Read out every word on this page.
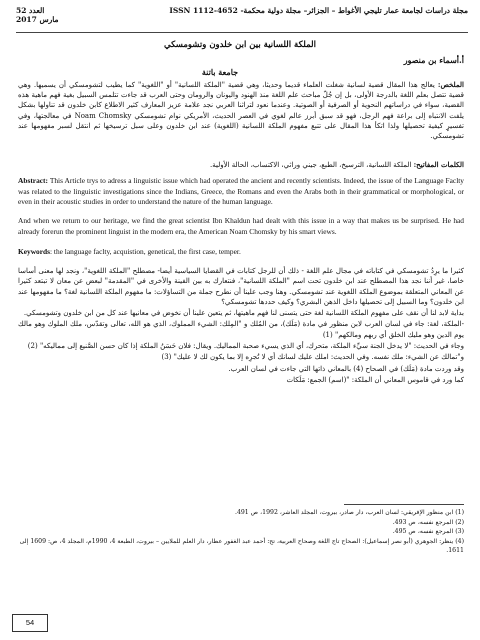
العدد 52
مارس 2017
مجلة دراسات لجامعة عمار تليجي الأغواط – الجزائر– مجلة دولية محكمة- ISSN 1112-4652
الملكة اللسانية بين ابن خلدون وتشومسكي
أ.أسماء بن منصور
جامعة باتنة
الملخص: يعالج هذا المقال قضية لسانية شغلت العلماء قديما وحديثا، وهي قضية "الملكة اللسانية" أو "اللغوية" كما يطيب لتشومسكي أن يسميها. وهي قضية تتصل بعلم اللغة بالدرجة الأولى، بل إن جُلّ مباحث علم اللغة منذ الهنود واليونان والرومان وحتى العرب قد جاءت تتلمس السبيل بغية فهم ماهية هذه القضية، سواء في دراساتهم النحوية أو الصرفية أو الصوتية. وعندما نعود لتراثنا العربي نجد علامة عزيز المعارف كثير الاطلاع كابن خلدون قد تناولها بشكل يلفت الانتباه إلى براعة فهم الرجل، فهو قد سبق أبرز عالم لغوي في العصر الحديث، الأمريكي نوام تشومسكي Noam Chomsky في معالجتها، وفي تفسيرٍ كيفية تحصيلها ولذا اتكأ هذا المقال على تتبع مفهوم الملكة اللسانية (اللغوية) عند ابن خلدون وعلى سبل ترسيخها ثم انتقل لسبر مفهومها عند تشومسكي.
الكلمات المفاتيح: الملكة اللسانية، الترسيخ، الطبع، جيني وراثي، الاكتساب، الحالة الأولية.
Abstract: This Article trys to adress a linguistic issue which had operated the ancient and recently scientists. Indeed, the issue of the Language Faclty was related to the linguistic investigations since the Indians, Greece, the Romans and even the Arabs both in their grammatical or morphological, or even in their acoustic studies in order to understand the nature of the human language.
And when we return to our heritage, we find the great scientist Ibn Khaldun had dealt with this issue in a way that makes us be surprised. He had already forerun the prominent linguist in the modern era, the American Noam Chomsky by his smart views.
Keywords: the language faclty, acquistion, genetical, the first case, temper.

كثيرا ما يرِدُ تشومسكي في كتاباته في مجال علم اللغة - ذلك أن للرجل كتابات في القضايا السياسية أيضا- مصطلح "الملكة اللغوية"، ونجد لها معنى أساسا خاصا، غير أننا نجد هذا المصطلح عند ابن خلدون تحت اسم "الملكة اللسانية"، فنتعارك به بين الفينة والأخرى في "المقدمة" لبعض عن معان لا تبتعد كثيرا عن المعاني المتعلقة بموضوع الملكة اللغوية عند تشومسكي. وهنا وجب علينا أن نطرح جملة من التساؤلات: ما مفهوم الملكة اللسانية لغة؟ ما مفهومها عند ابن خلدون؟ وما السبيل إلى تحصيلها داخل الذهن البشري؟ وكيف حددها تشومسكي؟

بداية لابد لنا أن نقف على مفهوم الملكة اللسانية لغة حتى يتسنى لنا فهم ماهيتها، ثم يتعين علينا أن نخوض في معانيها عند كل من ابن خلدون وتشومسكي.

-الملكة، لغة: جاء في لسان العرب لابن منظور في مادة (مَلَك)، من المُلك و "المِلك: الشيء المملوك، الذي هو الله، تعالى وتقدّس، ملك الملوك وهو مالك يوم الدين وهو مليك الخلق أي ربهم ومالكهم" (1)

وجاء في الحديث: "لا يدخل الجنة سيِّء الملكة، متحرك، أي الذي يسيء صحبة المماليك. ويقال: فلان حَسَنُ الملكة إذا كان حسن الصَّنيع إلى مماليكه" (2)

و"تمالك عن الشيء: ملك نفسه. وفي الحديث: املك عليك لسانك أي لا تُجرِه إلا بما يكون لك لا عليك" (3)

وقد وردت مادة (مَلَك) في الصحاح (4) بالمعاني ذاتها التي جاءت في لسان العرب.

كما ورد في قاموس المعاني أن الملكة: "(اسم) الجمع: مَلَكات

(1) ابن منظور الإفريقي: لسان العرب، دار صادر، بيروت، المجلد العاشر، 1992، ص 491.
(2) المرجع نفسه، ص 493.
(3) المرجع نفسه، ص 495.
(4) ينظر: الجوهري (أبو نصر إسماعيل): الصحاح تاج اللغة وصحاح العربية، تح: أحمد عبد الغفور عطار، دار العلم للملايين – بيروت، الطبعة 4، 1990م، المجلد 4، ص: 1609 إلى 1611.
54
